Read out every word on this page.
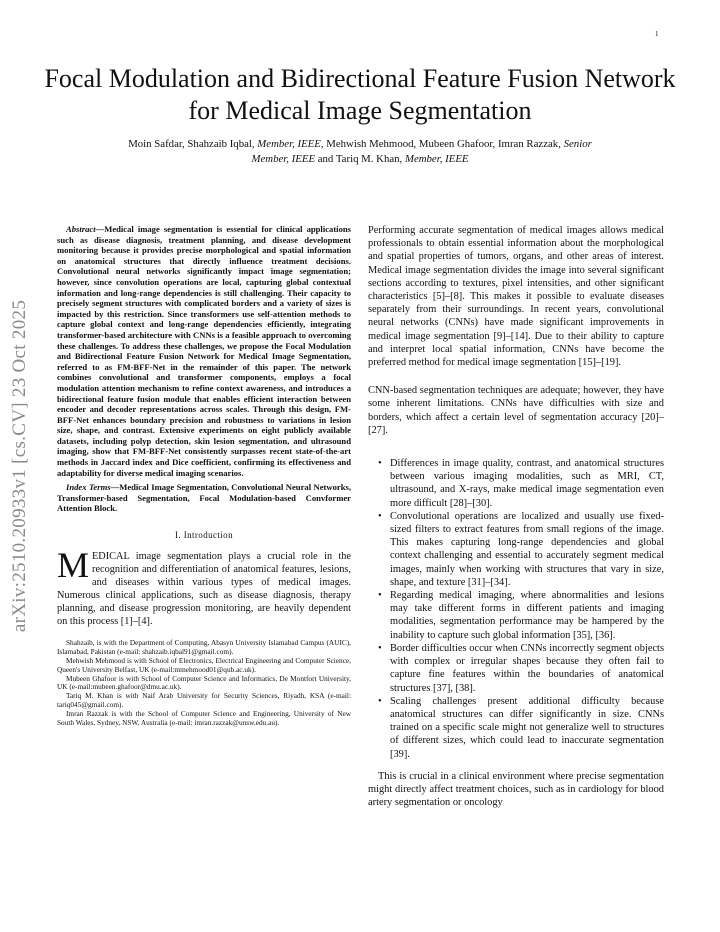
1
arXiv:2510.20933v1 [cs.CV] 23 Oct 2025
Focal Modulation and Bidirectional Feature Fusion Network for Medical Image Segmentation
Moin Safdar, Shahzaib Iqbal, Member, IEEE, Mehwish Mehmood, Mubeen Ghafoor, Imran Razzak, Senior
Member, IEEE and Tariq M. Khan, Member, IEEE

Abstract—Medical image segmentation is essential for clinical applications such as disease diagnosis, treatment planning, and disease development monitoring because it provides precise morphological and spatial information on anatomical structures that directly influence treatment decisions. Convolutional neural networks significantly impact image segmentation; however, since convolution operations are local, capturing global contextual information and long-range dependencies is still challenging. Their capacity to precisely segment structures with complicated borders and a variety of sizes is impacted by this restriction. Since transformers use self-attention methods to capture global context and long-range dependencies efficiently, integrating transformer-based architecture with CNNs is a feasible approach to overcoming these challenges. To address these challenges, we propose the Focal Modulation and Bidirectional Feature Fusion Network for Medical Image Segmentation, referred to as FM-BFF-Net in the remainder of this paper. The network combines convolutional and transformer components, employs a focal modulation attention mechanism to refine context awareness, and introduces a bidirectional feature fusion module that enables efficient interaction between encoder and decoder representations across scales. Through this design, FM-BFF-Net enhances boundary precision and robustness to variations in lesion size, shape, and contrast. Extensive experiments on eight publicly available datasets, including polyp detection, skin lesion segmentation, and ultrasound imaging, show that FM-BFF-Net consistently surpasses recent state-of-the-art methods in Jaccard index and Dice coefficient, confirming its effectiveness and adaptability for diverse medical imaging scenarios.

Index Terms—Medical Image Segmentation, Convolutional Neural Networks, Transformer-based Segmentation, Focal Modulation-based Convformer Attention Block.

I. Introduction

MEDICAL image segmentation plays a crucial role in the recognition and differentiation of anatomical features, lesions, and diseases within various types of medical images. Numerous clinical applications, such as disease diagnosis, therapy planning, and disease progression monitoring, are heavily dependent on this process [1]–[4].

Shahzaib, is with the Department of Computing, Abasyn University Islamabad Campus (AUIC), Islamabad, Pakistan (e-mail: shahzaib.iqbal91@gmail.com).

Mehwish Mehmood is with School of Electronics, Electrical Engineering and Computer Science, Queen's University Belfast, UK (e-mail:mmehmood01@qub.ac.uk).

Mubeen Ghafoor is with School of Computer Science and Informatics, De Montfort University, UK (e-mail:mubeen.ghafoor@dmu.ac.uk).

Tariq M. Khan is with Naif Arab University for Security Sciences, Riyadh, KSA (e-mail: tariq045@gmail.com).

Imran Razzak is with the School of Computer Science and Engineering, University of New South Wales, Sydney, NSW, Australia (e-mail: imran.razzak@unsw.edu.au).

Performing accurate segmentation of medical images allows medical professionals to obtain essential information about the morphological and spatial properties of tumors, organs, and other areas of interest. Medical image segmentation divides the image into several significant sections according to textures, pixel intensities, and other significant characteristics [5]–[8]. This makes it possible to evaluate diseases separately from their surroundings. In recent years, convolutional neural networks (CNNs) have made significant improvements in medical image segmentation [9]–[14]. Due to their ability to capture and interpret local spatial information, CNNs have become the preferred method for medical image segmentation [15]–[19].

CNN-based segmentation techniques are adequate; however, they have some inherent limitations. CNNs have difficulties with size and borders, which affect a certain level of segmentation accuracy [20]–[27].

• Differences in image quality, contrast, and anatomical structures between various imaging modalities, such as MRI, CT, ultrasound, and X-rays, make medical image segmentation even more difficult [28]–[30].
• Convolutional operations are localized and usually use fixed-sized filters to extract features from small regions of the image. This makes capturing long-range dependencies and global context challenging and essential to accurately segment medical images, mainly when working with structures that vary in size, shape, and texture [31]–[34].
• Regarding medical imaging, where abnormalities and lesions may take different forms in different patients and imaging modalities, segmentation performance may be hampered by the inability to capture such global information [35], [36].
• Border difficulties occur when CNNs incorrectly segment objects with complex or irregular shapes because they often fail to capture fine features within the boundaries of anatomical structures [37], [38].
• Scaling challenges present additional difficulty because anatomical structures can differ significantly in size. CNNs trained on a specific scale might not generalize well to structures of different sizes, which could lead to inaccurate segmentation [39].

This is crucial in a clinical environment where precise segmentation might directly affect treatment choices, such as in cardiology for blood artery segmentation or oncology
